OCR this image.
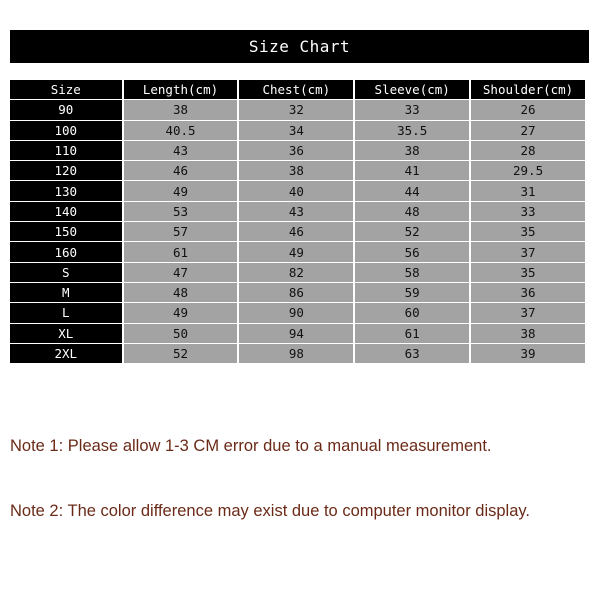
Size Chart
Size	Length(cm)	Chest(cm)	Sleeve(cm)	Shoulder(cm)
90	38	32	33	26
100	40.5	34	35.5	27
110	43	36	38	28
120	46	38	41	29.5
130	49	40	44	31
140	53	43	48	33
150	57	46	52	35
160	61	49	56	37
S	47	82	58	35
M	48	86	59	36
L	49	90	60	37
XL	50	94	61	38
2XL	52	98	63	39
Note 1: Please allow 1-3 CM error due to a manual measurement.
Note 2: The color difference may exist due to computer monitor display.
